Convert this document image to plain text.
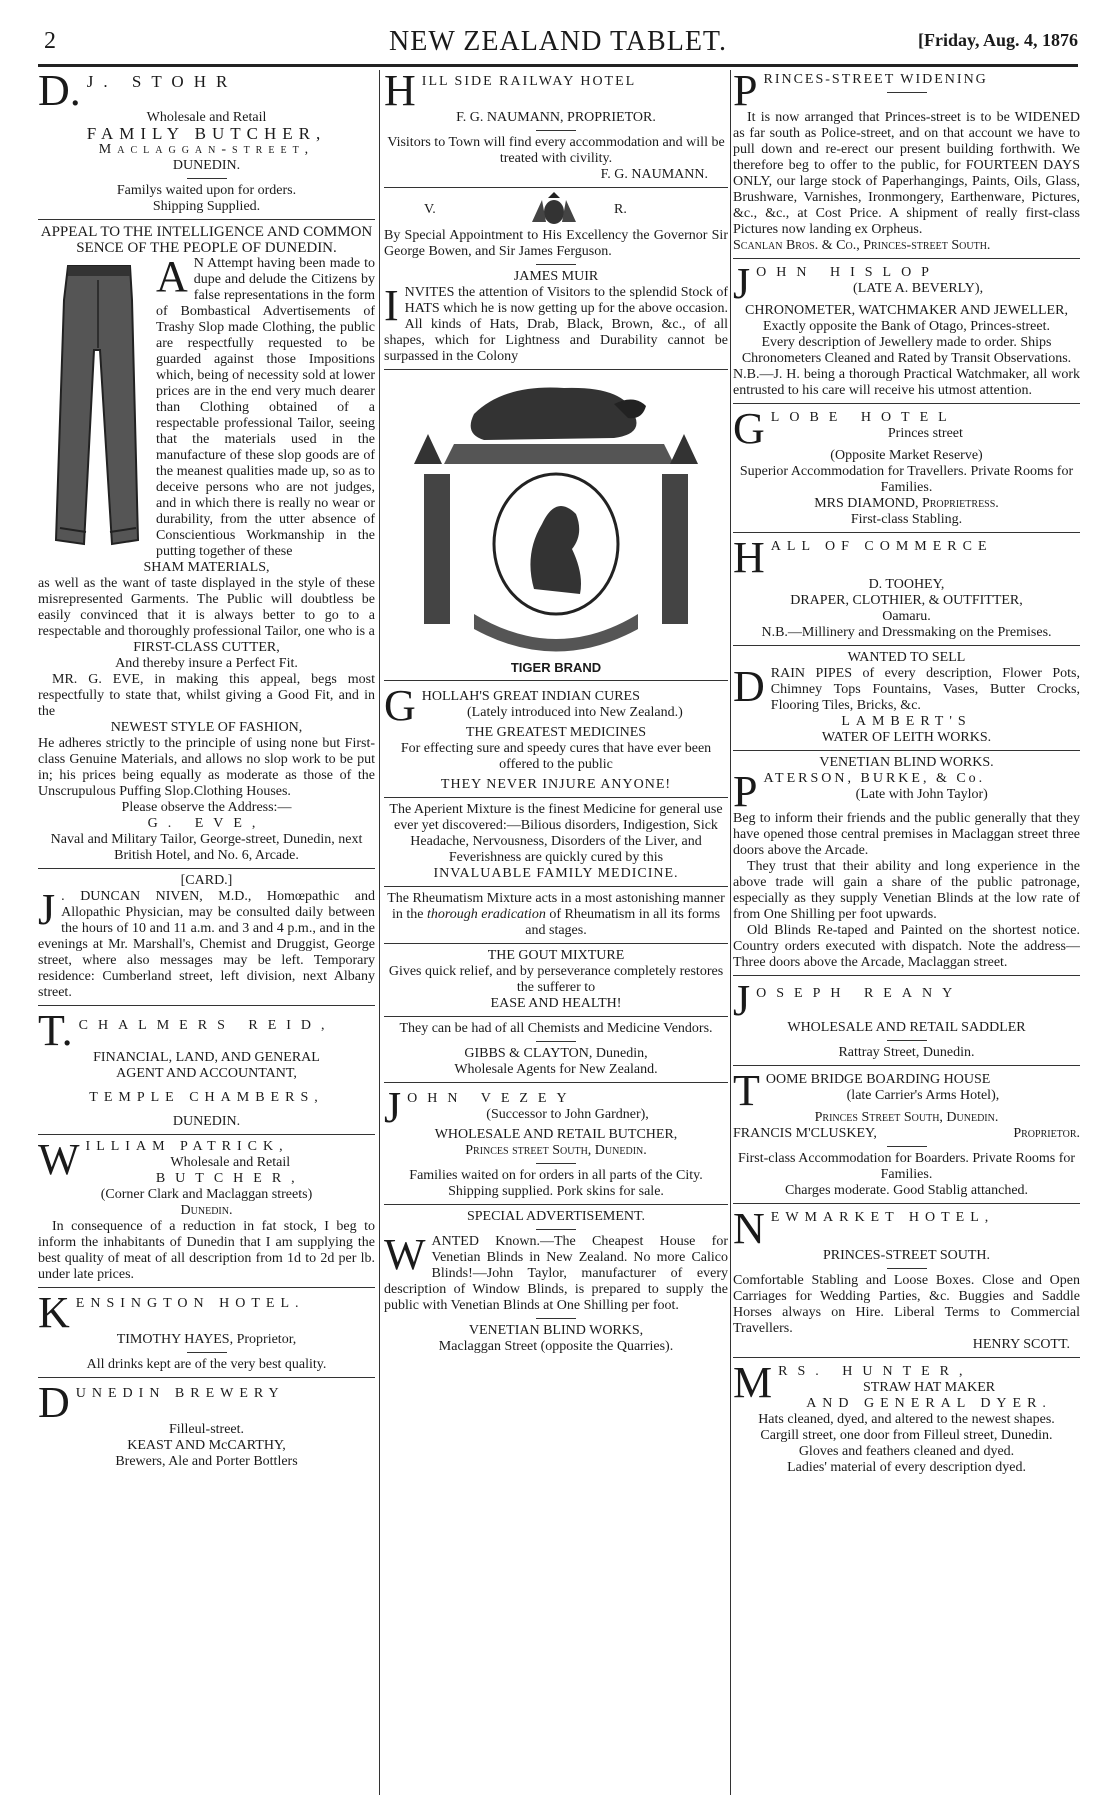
2	NEW ZEALAND TABLET.	[Friday, Aug. 4, 1876
D. J. STOHR
Wholesale and Retail
FAMILY BUTCHER,
Maclaggan-street,
DUNEDIN.
Familys waited upon for orders.
Shipping Supplied.
APPEAL TO THE INTELLIGENCE AND COMMON SENCE OF THE PEOPLE OF DUNEDIN.
A N Attempt having been made to dupe and delude the Citizens by false representations in the form of Bombastical Advertisements of Trashy Slop made Clothing, the public are respectfully requested to be guarded against those Impositions which, being of necessity sold at lower prices are in the end very much dearer than Clothing obtained of a respectable professional Tailor, seeing that the materials used in the manufacture of these slop goods are of the meanest qualities made up, so as to deceive persons who are not judges, and in which there is really no wear or durability, from the utter absence of Conscientious Workmanship in the putting together of these
SHAM MATERIALS,
as well as the want of taste displayed in the style of these misrepresented Garments. The Public will doubtless be easily convinced that it is always better to go to a respectable and thoroughly professional Tailor, one who is a
FIRST-CLASS CUTTER,
And thereby insure a Perfect Fit.
MR. G. EVE, in making this appeal, begs most respectfully to state that, whilst giving a Good Fit, and in the
NEWEST STYLE OF FASHION,
He adheres strictly to the principle of using none but First-class Genuine Materials, and allows no slop work to be put in; his prices being equally as moderate as those of the Unscrupulous Puffing Slop.Clothing Houses.
Please observe the Address:—
G. EVE,
Naval and Military Tailor, George-street, Dunedin, next British Hotel, and No. 6, Arcade.
[CARD.]
J . DUNCAN NIVEN, M.D., Homœpathic and Allopathic Physician, may be consulted daily between the hours of 10 and 11 a.m. and 3 and 4 p.m., and in the evenings at Mr. Marshall's, Chemist and Druggist, George street, where also messages may be left. Temporary residence: Cumberland street, left division, next Albany street.
T. CHALMERS REID,
FINANCIAL, LAND, AND GENERAL
AGENT AND ACCOUNTANT,
TEMPLE CHAMBERS,
DUNEDIN.
W ILLIAM PATRICK,
Wholesale and Retail
BUTCHER,
(Corner Clark and Maclaggan streets)
Dunedin.
In consequence of a reduction in fat stock, I beg to inform the inhabitants of Dunedin that I am supplying the best quality of meat of all description from 1d to 2d per lb. under late prices.
K ENSINGTON HOTEL.
TIMOTHY HAYES, Proprietor,
All drinks kept are of the very best quality.
D UNEDIN BREWERY
Filleul-street.
KEAST AND McCARTHY,
Brewers, Ale and Porter Bottlers
H ILL SIDE RAILWAY HOTEL
F. G. NAUMANN, PROPRIETOR.
Visitors to Town will find every accommodation and will be treated with civility.
F. G. NAUMANN.
V.	R.
By Special Appointment to His Excellency the Governor Sir George Bowen, and Sir James Ferguson.
JAMES MUIR
I NVITES the attention of Visitors to the splendid Stock of HATS which he is now getting up for the above occasion. All kinds of Hats, Drab, Black, Brown, &c., of all shapes, which for Lightness and Durability cannot be surpassed in the Colony
TIGER BRAND
G HOLLAH'S GREAT INDIAN CURES
(Lately introduced into New Zealand.)
THE GREATEST MEDICINES
For effecting sure and speedy cures that have ever been offered to the public
THEY NEVER INJURE ANYONE!
The Aperient Mixture is the finest Medicine for general use ever yet discovered:—Bilious disorders, Indigestion, Sick Headache, Nervousness, Disorders of the Liver, and Feverishness are quickly cured by this
INVALUABLE FAMILY MEDICINE.
The Rheumatism Mixture acts in a most astonishing manner in the thorough eradication of Rheumatism in all its forms and stages.
THE GOUT MIXTURE
Gives quick relief, and by perseverance completely restores the sufferer to
EASE AND HEALTH!
They can be had of all Chemists and Medicine Vendors.
GIBBS & CLAYTON, Dunedin,
Wholesale Agents for New Zealand.
J OHN VEZEY
(Successor to John Gardner),
WHOLESALE AND RETAIL BUTCHER,
Princes street South, Dunedin.
Families waited on for orders in all parts of the City.
Shipping supplied. Pork skins for sale.
SPECIAL ADVERTISEMENT.
W ANTED Known.—The Cheapest House for Venetian Blinds in New Zealand. No more Calico Blinds!—John Taylor, manufacturer of every description of Window Blinds, is prepared to supply the public with Venetian Blinds at One Shilling per foot.
VENETIAN BLIND WORKS,
Maclaggan Street (opposite the Quarries).
P RINCES-STREET WIDENING
It is now arranged that Princes-street is to be WIDENED as far south as Police-street, and on that account we have to pull down and re-erect our present building forthwith. We therefore beg to offer to the public, for FOURTEEN DAYS ONLY, our large stock of Paperhangings, Paints, Oils, Glass, Brushware, Varnishes, Ironmongery, Earthenware, Pictures, &c., &c., at Cost Price. A shipment of really first-class Pictures now landing ex Orpheus.
Scanlan Bros. & Co., Princes-street South.
J OHN HISLOP
(LATE A. BEVERLY),
CHRONOMETER, WATCHMAKER AND JEWELLER,
Exactly opposite the Bank of Otago, Princes-street.
Every description of Jewellery made to order. Ships Chronometers Cleaned and Rated by Transit Observations.
N.B.—J. H. being a thorough Practical Watchmaker, all work entrusted to his care will receive his utmost attention.
G LOBE HOTEL
Princes street
(Opposite Market Reserve)
Superior Accommodation for Travellers. Private Rooms for Families.
MRS DIAMOND, Proprietress.
First-class Stabling.
H ALL OF COMMERCE
D. TOOHEY,
DRAPER, CLOTHIER, & OUTFITTER,
Oamaru.
N.B.—Millinery and Dressmaking on the Premises.
WANTED TO SELL
D RAIN PIPES of every description, Flower Pots, Chimney Tops Fountains, Vases, Butter Crocks, Flooring Tiles, Bricks, &c.
LAMBERT'S
WATER OF LEITH WORKS.
VENETIAN BLIND WORKS.
P ATERSON, BURKE, & Co.
(Late with John Taylor)
Beg to inform their friends and the public generally that they have opened those central premises in Maclaggan street three doors above the Arcade.
They trust that their ability and long experience in the above trade will gain a share of the public patronage, especially as they supply Venetian Blinds at the low rate of from One Shilling per foot upwards.
Old Blinds Re-taped and Painted on the shortest notice. Country orders executed with dispatch. Note the address—Three doors above the Arcade, Maclaggan street.
J OSEPH REANY
WHOLESALE AND RETAIL SADDLER
Rattray Street, Dunedin.
T OOME BRIDGE BOARDING HOUSE
(late Carrier's Arms Hotel),
Princes Street South, Dunedin.
FRANCIS M'CLUSKEY,	Proprietor.
First-class Accommodation for Boarders. Private Rooms for Families.
Charges moderate. Good Stablig attanched.
N EWMARKET HOTEL,
PRINCES-STREET SOUTH.
Comfortable Stabling and Loose Boxes. Close and Open Carriages for Wedding Parties, &c. Buggies and Saddle Horses always on Hire. Liberal Terms to Commercial Travellers.
HENRY SCOTT.
M RS. HUNTER,
STRAW HAT MAKER
AND GENERAL DYER.
Hats cleaned, dyed, and altered to the newest shapes.
Cargill street, one door from Filleul street, Dunedin.
Gloves and feathers cleaned and dyed.
Ladies' material of every description dyed.
